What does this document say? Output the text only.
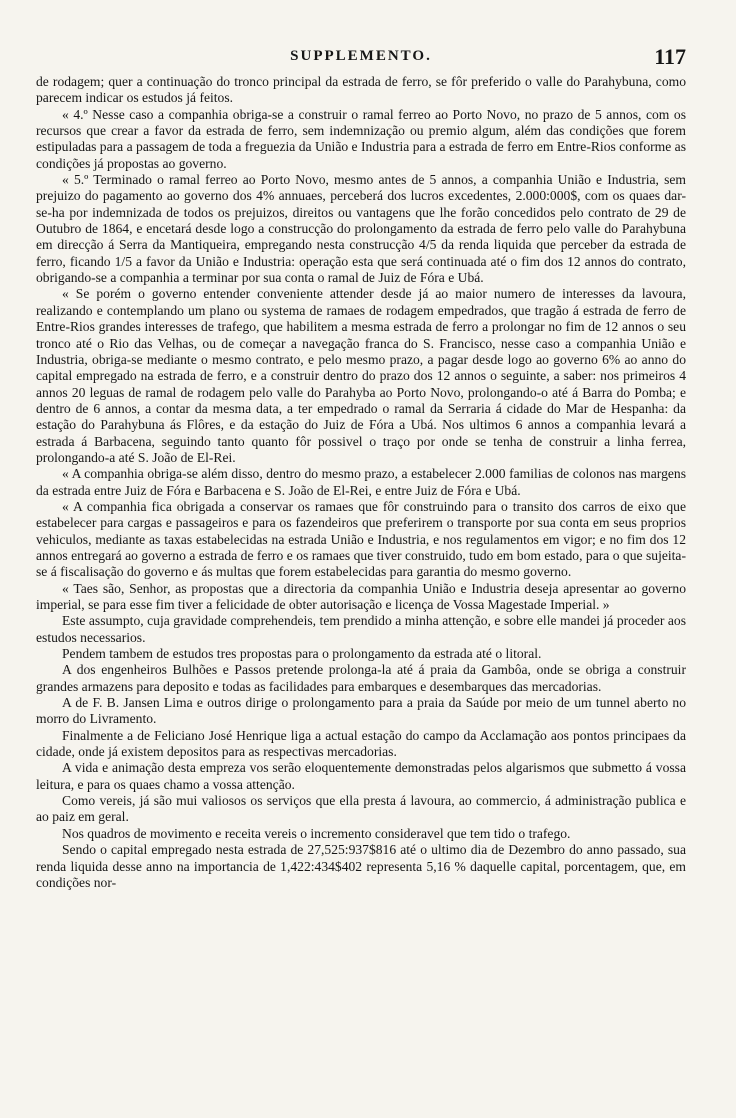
SUPPLEMENTO.	117

de rodagem; quer a continuação do tronco principal da estrada de ferro, se fôr preferido o valle do Parahybuna, como parecem indicar os estudos já feitos.

« 4.º Nesse caso a companhia obriga-se a construir o ramal ferreo ao Porto Novo, no prazo de 5 annos, com os recursos que crear a favor da estrada de ferro, sem indemnização ou premio algum, além das condições que forem estipuladas para a passagem de toda a freguezia da União e Industria para a estrada de ferro em Entre-Rios conforme as condições já propostas ao governo.

« 5.º Terminado o ramal ferreo ao Porto Novo, mesmo antes de 5 annos, a companhia União e Industria, sem prejuizo do pagamento ao governo dos 4% annuaes, perceberá dos lucros excedentes, 2.000:000$, com os quaes dar-se-ha por indemnizada de todos os prejuizos, direitos ou vantagens que lhe forão concedidos pelo contrato de 29 de Outubro de 1864, e encetará desde logo a construcção do prolongamento da estrada de ferro pelo valle do Parahybuna em direcção á Serra da Mantiqueira, empregando nesta construcção 4/5 da renda liquida que perceber da estrada de ferro, ficando 1/5 a favor da União e Industria: operação esta que será continuada até o fim dos 12 annos do contrato, obrigando-se a companhia a terminar por sua conta o ramal de Juiz de Fóra e Ubá.

« Se porém o governo entender conveniente attender desde já ao maior numero de interesses da lavoura, realizando e contemplando um plano ou systema de ramaes de rodagem empedrados, que tragão á estrada de ferro de Entre-Rios grandes interesses de trafego, que habilitem a mesma estrada de ferro a prolongar no fim de 12 annos o seu tronco até o Rio das Velhas, ou de começar a navegação franca do S. Francisco, nesse caso a companhia União e Industria, obriga-se mediante o mesmo contrato, e pelo mesmo prazo, a pagar desde logo ao governo 6% ao anno do capital empregado na estrada de ferro, e a construir dentro do prazo dos 12 annos o seguinte, a saber: nos primeiros 4 annos 20 leguas de ramal de rodagem pelo valle do Parahyba ao Porto Novo, prolongando-o até á Barra do Pomba; e dentro de 6 annos, a contar da mesma data, a ter empedrado o ramal da Serraria á cidade do Mar de Hespanha: da estação do Parahybuna ás Flôres, e da estação do Juiz de Fóra a Ubá. Nos ultimos 6 annos a companhia levará a estrada á Barbacena, seguindo tanto quanto fôr possivel o traço por onde se tenha de construir a linha ferrea, prolongando-a até S. João de El-Rei.

« A companhia obriga-se além disso, dentro do mesmo prazo, a estabelecer 2.000 familias de colonos nas margens da estrada entre Juiz de Fóra e Barbacena e S. João de El-Rei, e entre Juiz de Fóra e Ubá.

« A companhia fica obrigada a conservar os ramaes que fôr construindo para o transito dos carros de eixo que estabelecer para cargas e passageiros e para os fazendeiros que preferirem o transporte por sua conta em seus proprios vehiculos, mediante as taxas estabelecidas na estrada União e Industria, e nos regulamentos em vigor; e no fim dos 12 annos entregará ao governo a estrada de ferro e os ramaes que tiver construido, tudo em bom estado, para o que sujeita-se á fiscalisação do governo e ás multas que forem estabelecidas para garantia do mesmo governo.

« Taes são, Senhor, as propostas que a directoria da companhia União e Industria deseja apresentar ao governo imperial, se para esse fim tiver a felicidade de obter autorisação e licença de Vossa Magestade Imperial. »

Este assumpto, cuja gravidade comprehendeis, tem prendido a minha attenção, e sobre elle mandei já proceder aos estudos necessarios.

Pendem tambem de estudos tres propostas para o prolongamento da estrada até o litoral.

A dos engenheiros Bulhões e Passos pretende prolonga-la até á praia da Gambôa, onde se obriga a construir grandes armazens para deposito e todas as facilidades para embarques e desembarques das mercadorias.

A de F. B. Jansen Lima e outros dirige o prolongamento para a praia da Saúde por meio de um tunnel aberto no morro do Livramento.

Finalmente a de Feliciano José Henrique liga a actual estação do campo da Acclamação aos pontos principaes da cidade, onde já existem depositos para as respectivas mercadorias.

A vida e animação desta empreza vos serão eloquentemente demonstradas pelos algarismos que submetto á vossa leitura, e para os quaes chamo a vossa attenção.

Como vereis, já são mui valiosos os serviços que ella presta á lavoura, ao commercio, á administração publica e ao paiz em geral.

Nos quadros de movimento e receita vereis o incremento consideravel que tem tido o trafego.

Sendo o capital empregado nesta estrada de 27,525:937$816 até o ultimo dia de Dezembro do anno passado, sua renda liquida desse anno na importancia de 1,422:434$402 representa 5,16 % daquelle capital, porcentagem, que, em condições nor-
